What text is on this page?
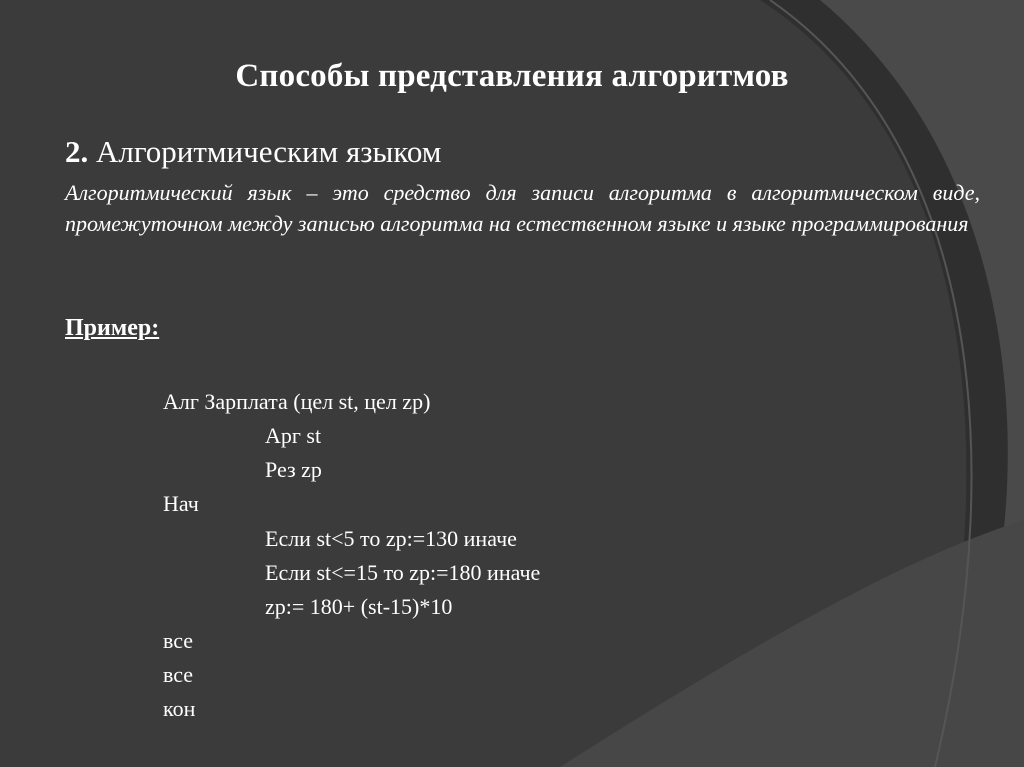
Способы представления алгоритмов
2. Алгоритмическим языком
Алгоритмический язык – это средство для записи алгоритма в алгоритмическом виде, промежуточном между записью алгоритма на естественном языке и языке программирования
Пример:
Алг Зарплата (цел st, цел zp)
Арг st
Рез zp
Нач
Если st<5 то zp:=130 иначе
Если st<=15 то zp:=180 иначе
zp:= 180+ (st-15)*10
все
все
кон
